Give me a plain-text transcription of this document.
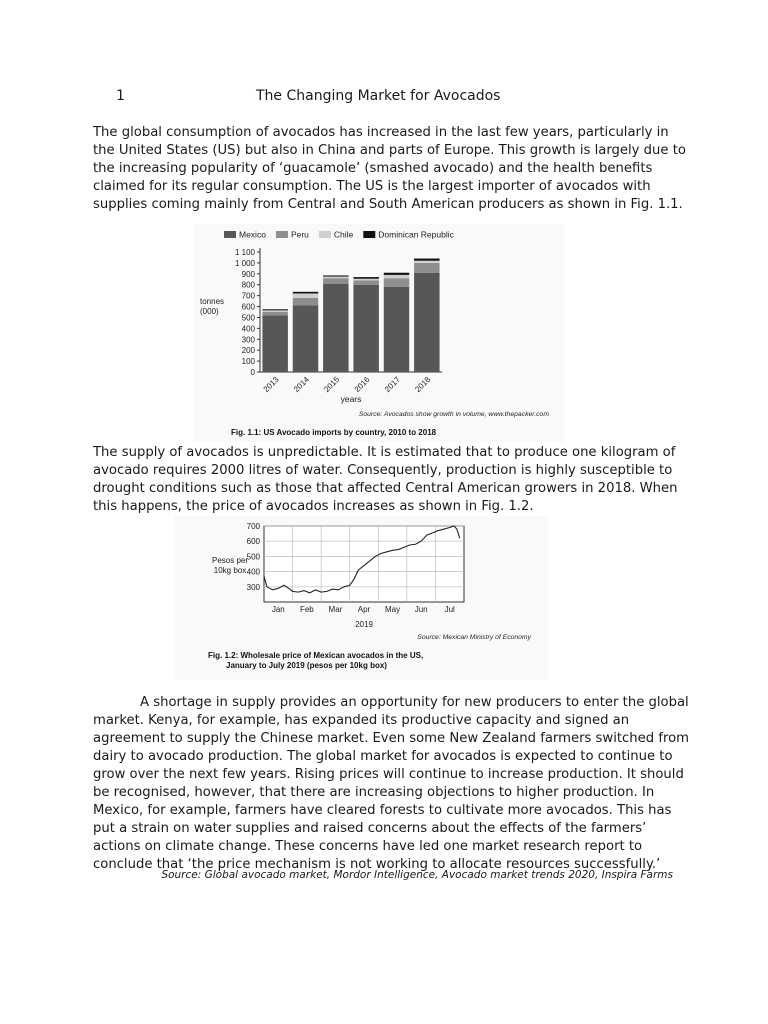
1	The Changing Market for Avocados

The global consumption of avocados has increased in the last few years, particularly in the United States (US) but also in China and parts of Europe. This growth is largely due to the increasing popularity of ‘guacamole’ (smashed avocado) and the health benefits claimed for its regular consumption. The US is the largest importer of avocados with supplies coming mainly from Central and South American producers as shown in Fig. 1.1.

Mexico	Peru	Chile	Dominican Republic
0
100
200
300
400
500
600
700
800
900
1 000
1 100
tonnes
(000)
2013 2014 2015 2016 2017 2018
years
Source: Avocados show growth in volume, www.thepacker.com
Fig. 1.1: US Avocado imports by country, 2010 to 2018

The supply of avocados is unpredictable. It is estimated that to produce one kilogram of avocado requires 2000 litres of water. Consequently, production is highly susceptible to drought conditions such as those that affected Central American growers in 2018. When this happens, the price of avocados increases as shown in Fig. 1.2.

300
400
500
600
700
Jan Feb Mar Apr May Jun Jul
2019
Pesos per
10kg box
Source: Mexican Ministry of Economy
Fig. 1.2: Wholesale price of Mexican avocados in the US,
January to July 2019 (pesos per 10kg box)

A shortage in supply provides an opportunity for new producers to enter the global market. Kenya, for example, has expanded its productive capacity and signed an agreement to supply the Chinese market. Even some New Zealand farmers switched from dairy to avocado production. The global market for avocados is expected to continue to grow over the next few years. Rising prices will continue to increase production. It should be recognised, however, that there are increasing objections to higher production. In Mexico, for example, farmers have cleared forests to cultivate more avocados. This has put a strain on water supplies and raised concerns about the effects of the farmers’ actions on climate change. These concerns have led one market research report to conclude that ‘the price mechanism is not working to allocate resources successfully.’

Source: Global avocado market, Mordor Intelligence, Avocado market trends 2020, Inspira Farms
